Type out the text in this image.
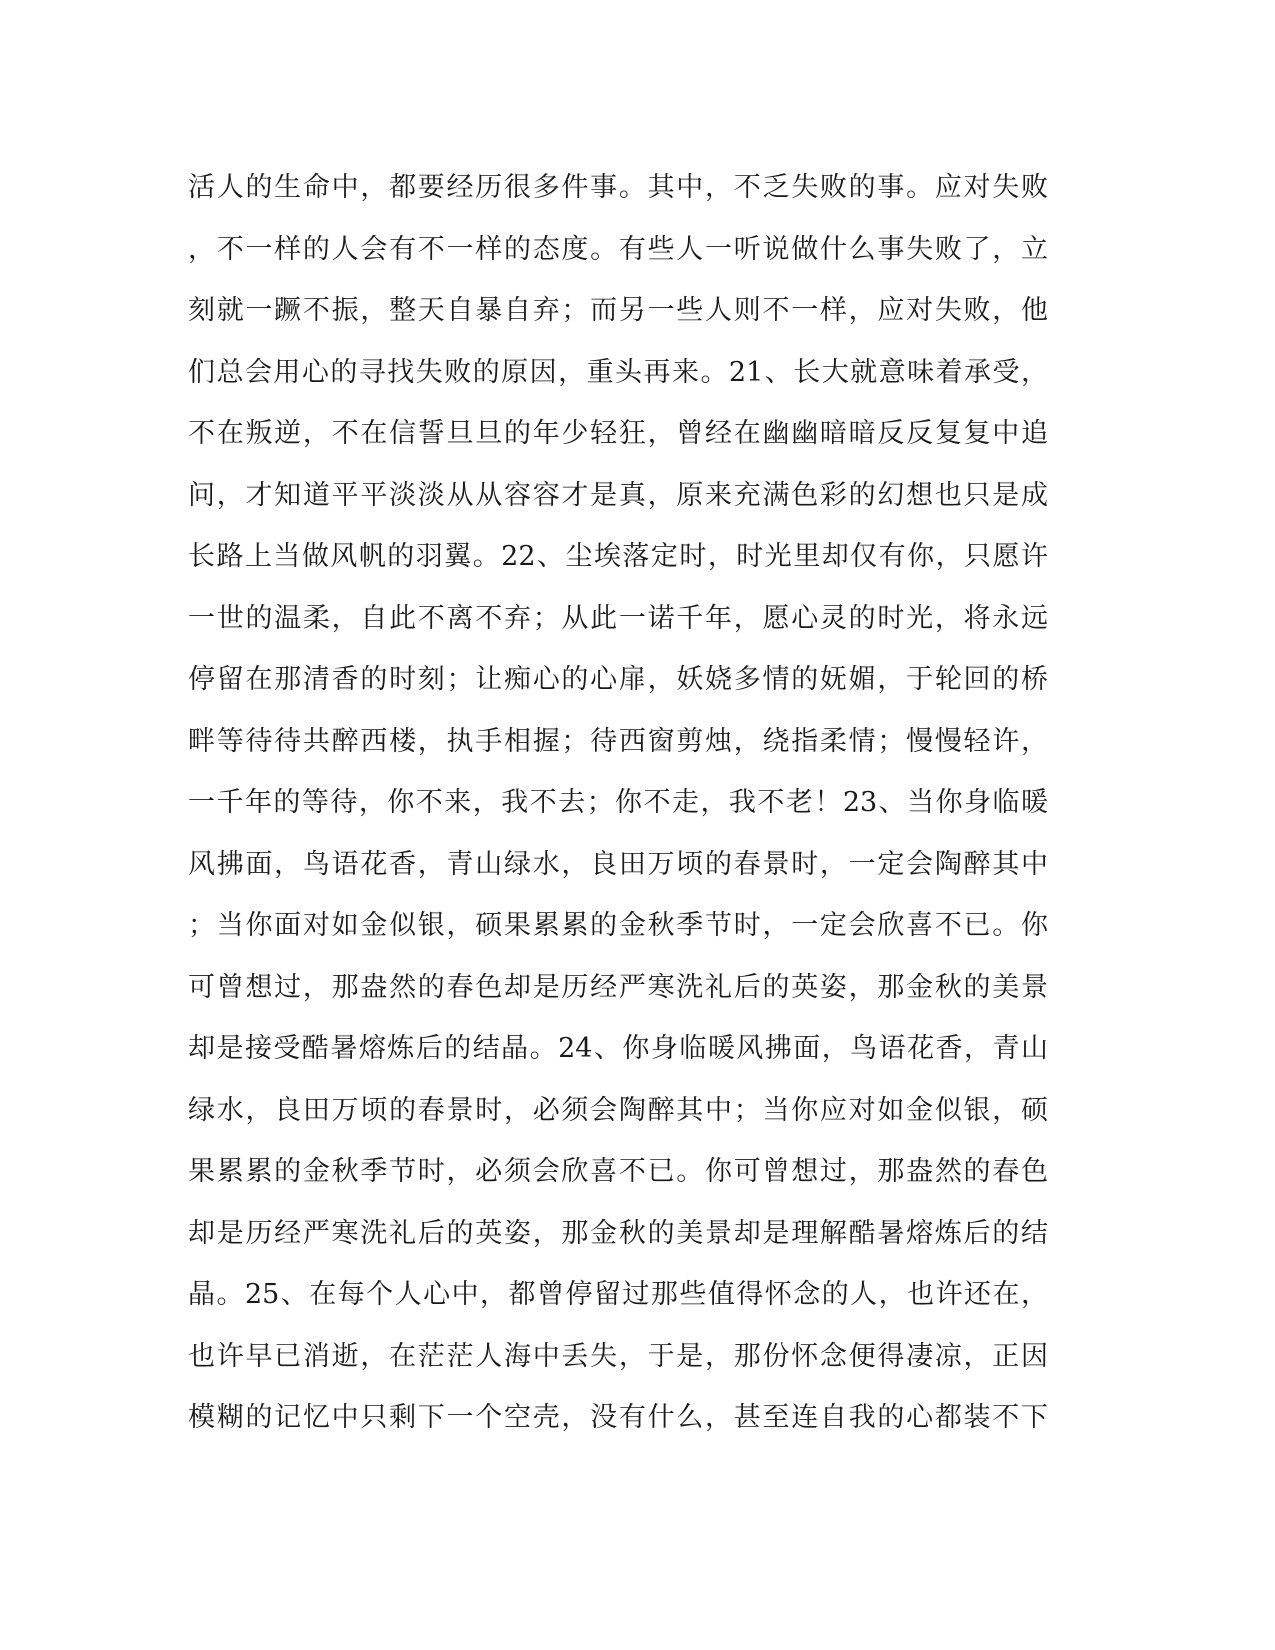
活人的生命中，都要经历很多件事。其中，不乏失败的事。应对失败
，不一样的人会有不一样的态度。有些人一听说做什么事失败了，立
刻就一蹶不振，整天自暴自弃；而另一些人则不一样，应对失败，他
们总会用心的寻找失败的原因，重头再来。21、长大就意味着承受，
不在叛逆，不在信誓旦旦的年少轻狂，曾经在幽幽暗暗反反复复中追
问，才知道平平淡淡从从容容才是真，原来充满色彩的幻想也只是成
长路上当做风帆的羽翼。22、尘埃落定时，时光里却仅有你，只愿许
一世的温柔，自此不离不弃；从此一诺千年，愿心灵的时光，将永远
停留在那清香的时刻；让痴心的心扉，妖娆多情的妩媚，于轮回的桥
畔等待待共醉西楼，执手相握；待西窗剪烛，绕指柔情；慢慢轻许，
一千年的等待，你不来，我不去；你不走，我不老！23、当你身临暖
风拂面，鸟语花香，青山绿水，良田万顷的春景时，一定会陶醉其中
；当你面对如金似银，硕果累累的金秋季节时，一定会欣喜不已。你
可曾想过，那盎然的春色却是历经严寒洗礼后的英姿，那金秋的美景
却是接受酷暑熔炼后的结晶。24、你身临暖风拂面，鸟语花香，青山
绿水，良田万顷的春景时，必须会陶醉其中；当你应对如金似银，硕
果累累的金秋季节时，必须会欣喜不已。你可曾想过，那盎然的春色
却是历经严寒洗礼后的英姿，那金秋的美景却是理解酷暑熔炼后的结
晶。25、在每个人心中，都曾停留过那些值得怀念的人，也许还在，
也许早已消逝，在茫茫人海中丢失，于是，那份怀念便得凄凉，正因
模糊的记忆中只剩下一个空壳，没有什么，甚至连自我的心都装不下
